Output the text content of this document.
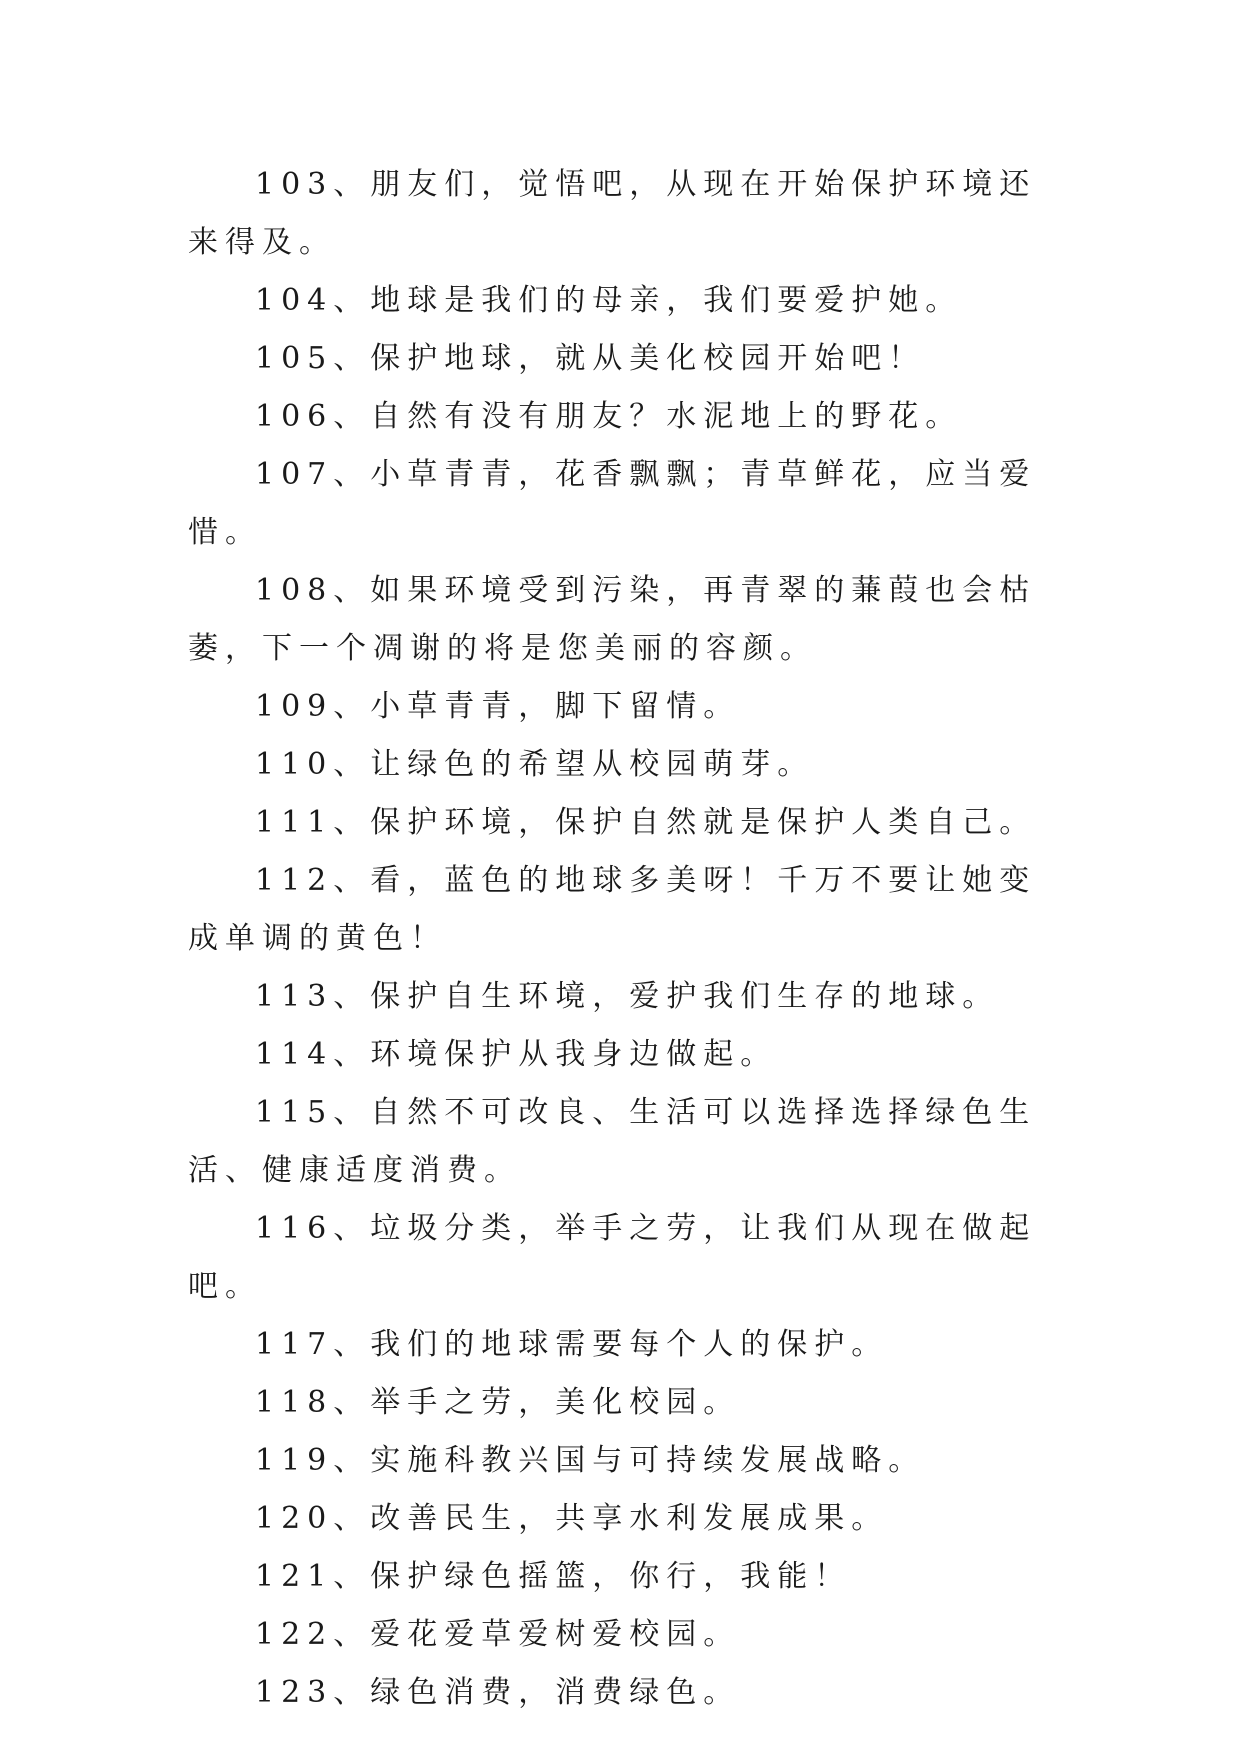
103、朋友们，觉悟吧，从现在开始保护环境还来得及。

104、地球是我们的母亲，我们要爱护她。

105、保护地球，就从美化校园开始吧！

106、自然有没有朋友？水泥地上的野花。

107、小草青青，花香飘飘；青草鲜花，应当爱惜。

108、如果环境受到污染，再青翠的蒹葭也会枯萎，下一个凋谢的将是您美丽的容颜。

109、小草青青，脚下留情。

110、让绿色的希望从校园萌芽。

111、保护环境，保护自然就是保护人类自己。

112、看，蓝色的地球多美呀！千万不要让她变成单调的黄色！

113、保护自生环境，爱护我们生存的地球。

114、环境保护从我身边做起。

115、自然不可改良、生活可以选择选择绿色生活、健康适度消费。

116、垃圾分类，举手之劳，让我们从现在做起吧。

117、我们的地球需要每个人的保护。

118、举手之劳，美化校园。

119、实施科教兴国与可持续发展战略。

120、改善民生，共享水利发展成果。

121、保护绿色摇篮，你行，我能！

122、爱花爱草爱树爱校园。

123、绿色消费，消费绿色。
